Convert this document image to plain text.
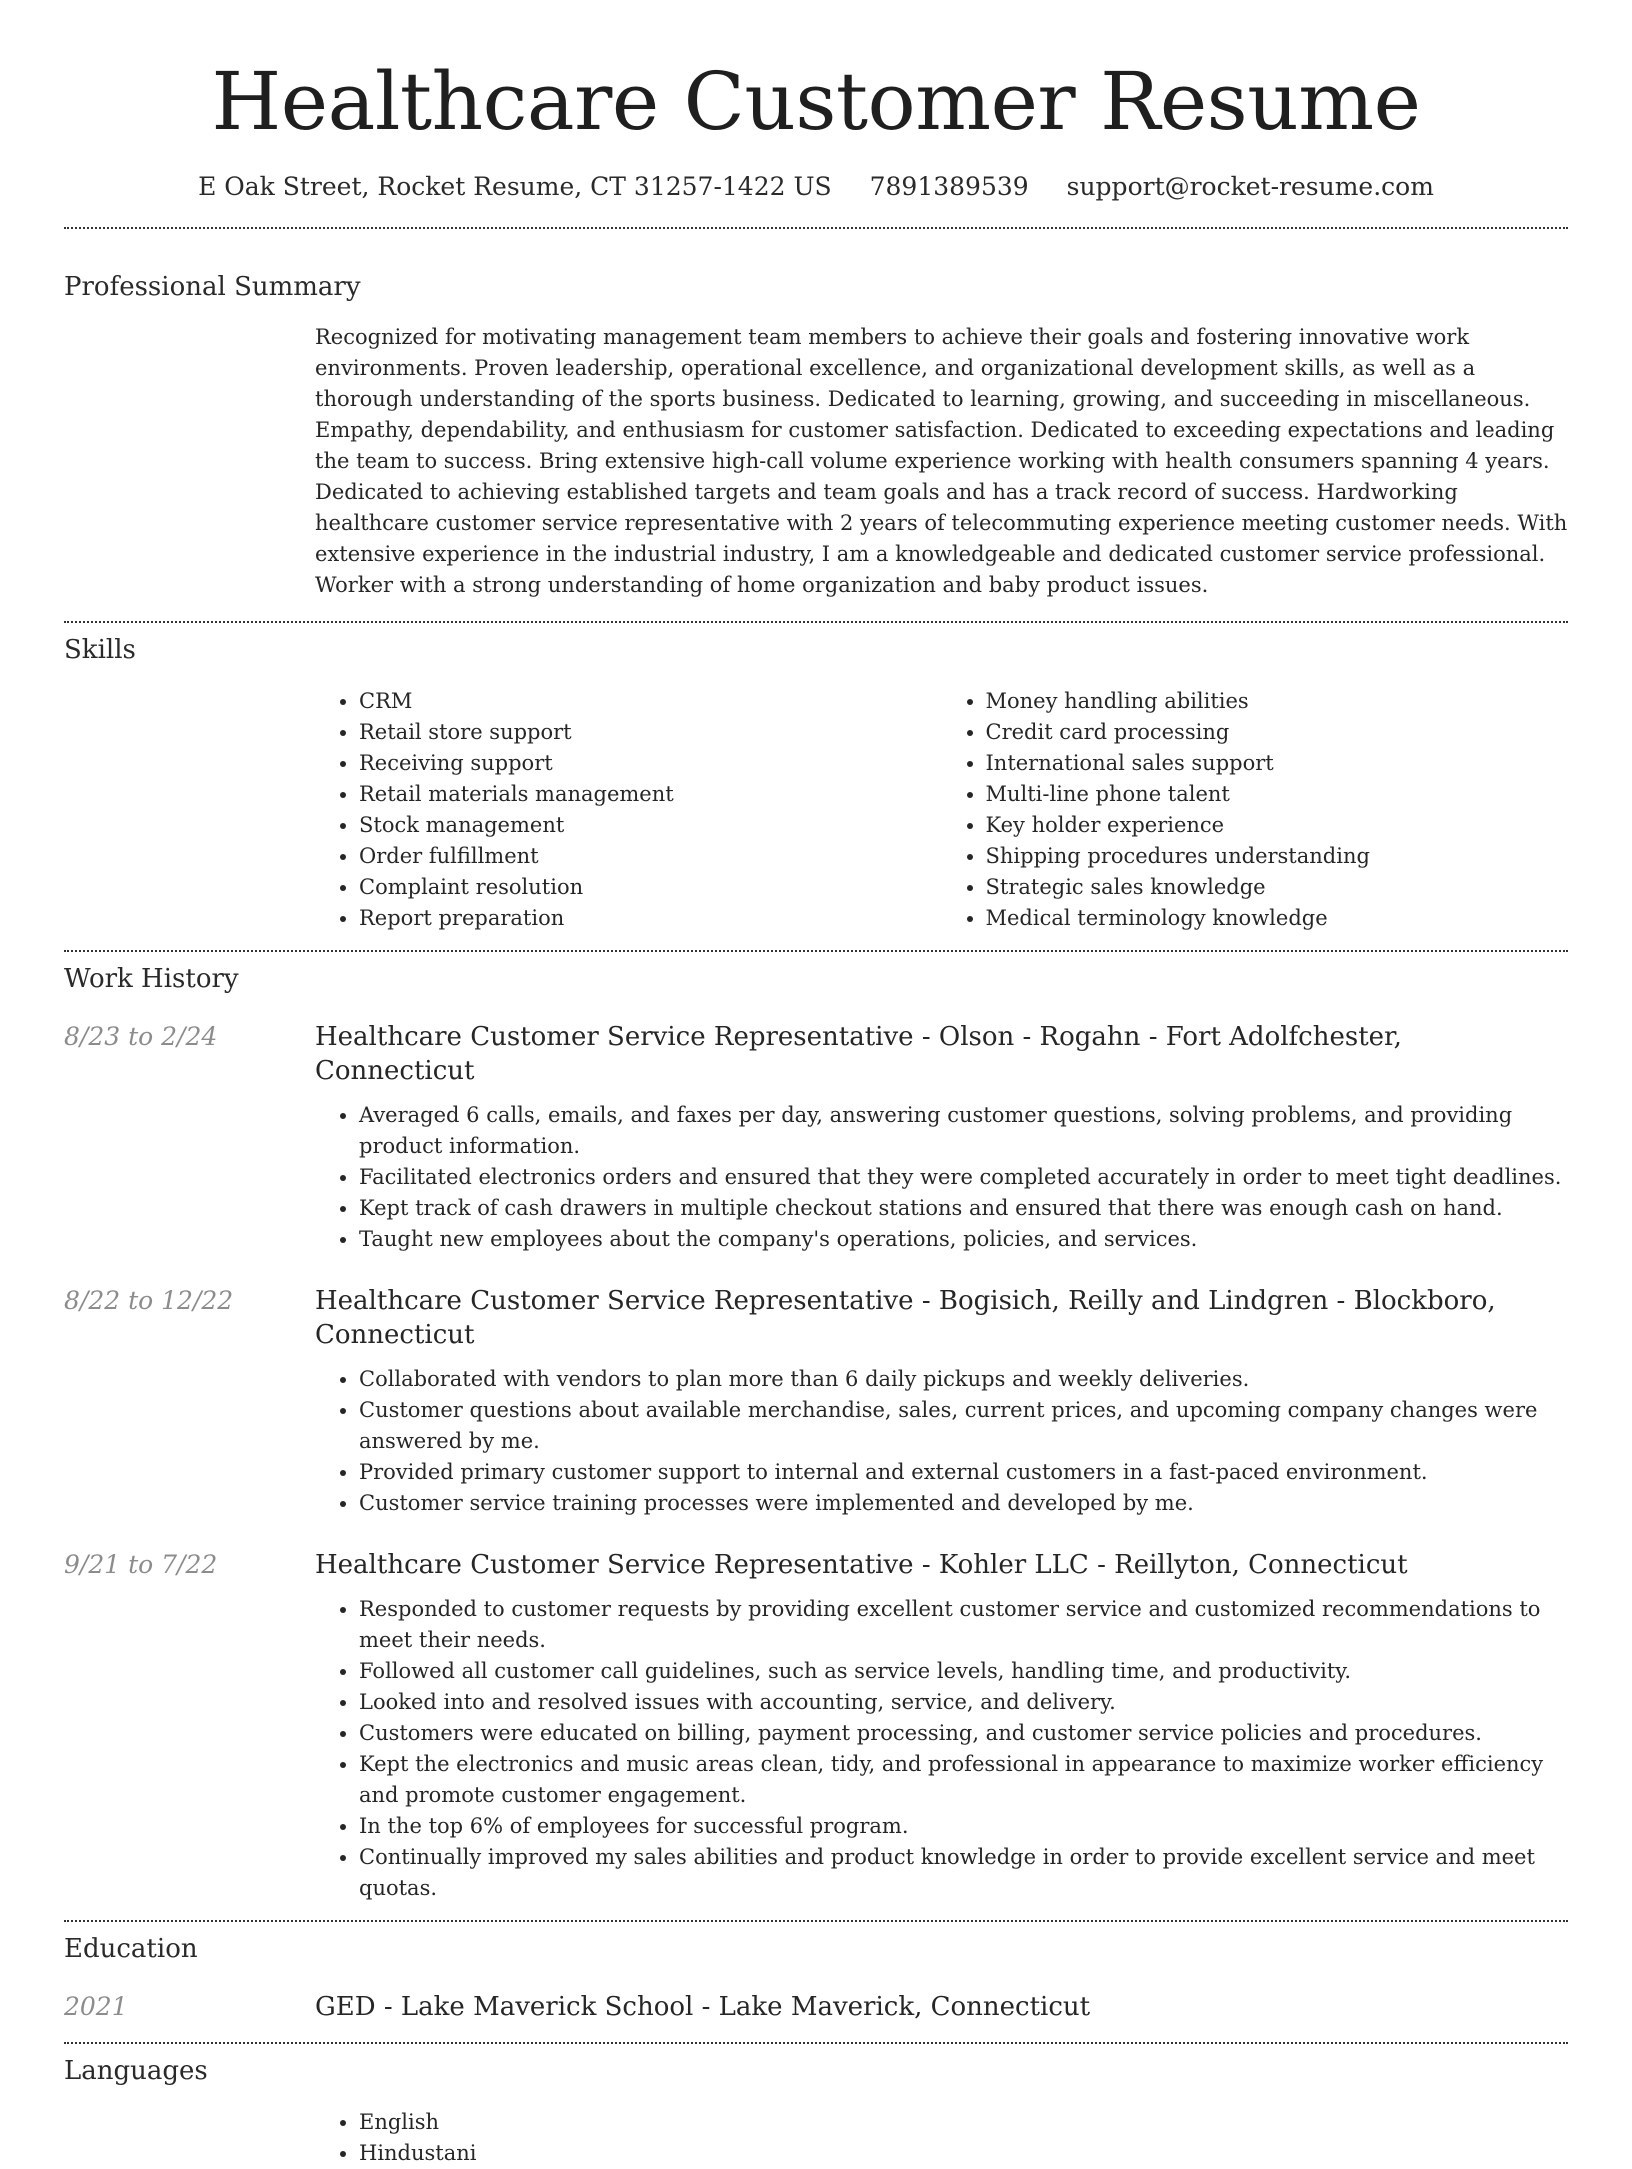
Healthcare Customer Resume
E Oak Street, Rocket Resume, CT 31257-1422 US 7891389539 support@rocket-resume.com
Professional Summary
Recognized for motivating management team members to achieve their goals and fostering innovative work environments. Proven leadership, operational excellence, and organizational development skills, as well as a thorough understanding of the sports business. Dedicated to learning, growing, and succeeding in miscellaneous. Empathy, dependability, and enthusiasm for customer satisfaction. Dedicated to exceeding expectations and leading the team to success. Bring extensive high-call volume experience working with health consumers spanning 4 years. Dedicated to achieving established targets and team goals and has a track record of success. Hardworking healthcare customer service representative with 2 years of telecommuting experience meeting customer needs. With extensive experience in the industrial industry, I am a knowledgeable and dedicated customer service professional. Worker with a strong understanding of home organization and baby product issues.
Skills
• CRM
• Retail store support
• Receiving support
• Retail materials management
• Stock management
• Order fulfillment
• Complaint resolution
• Report preparation
• Money handling abilities
• Credit card processing
• International sales support
• Multi-line phone talent
• Key holder experience
• Shipping procedures understanding
• Strategic sales knowledge
• Medical terminology knowledge
Work History
8/23 to 2/24	Healthcare Customer Service Representative - Olson - Rogahn - Fort Adolfchester, Connecticut
• Averaged 6 calls, emails, and faxes per day, answering customer questions, solving problems, and providing product information.
• Facilitated electronics orders and ensured that they were completed accurately in order to meet tight deadlines.
• Kept track of cash drawers in multiple checkout stations and ensured that there was enough cash on hand.
• Taught new employees about the company's operations, policies, and services.
8/22 to 12/22	Healthcare Customer Service Representative - Bogisich, Reilly and Lindgren - Blockboro, Connecticut
• Collaborated with vendors to plan more than 6 daily pickups and weekly deliveries.
• Customer questions about available merchandise, sales, current prices, and upcoming company changes were answered by me.
• Provided primary customer support to internal and external customers in a fast-paced environment.
• Customer service training processes were implemented and developed by me.
9/21 to 7/22	Healthcare Customer Service Representative - Kohler LLC - Reillyton, Connecticut
• Responded to customer requests by providing excellent customer service and customized recommendations to meet their needs.
• Followed all customer call guidelines, such as service levels, handling time, and productivity.
• Looked into and resolved issues with accounting, service, and delivery.
• Customers were educated on billing, payment processing, and customer service policies and procedures.
• Kept the electronics and music areas clean, tidy, and professional in appearance to maximize worker efficiency and promote customer engagement.
• In the top 6% of employees for successful program.
• Continually improved my sales abilities and product knowledge in order to provide excellent service and meet quotas.
Education
2021	GED - Lake Maverick School - Lake Maverick, Connecticut
Languages
• English
• Hindustani
